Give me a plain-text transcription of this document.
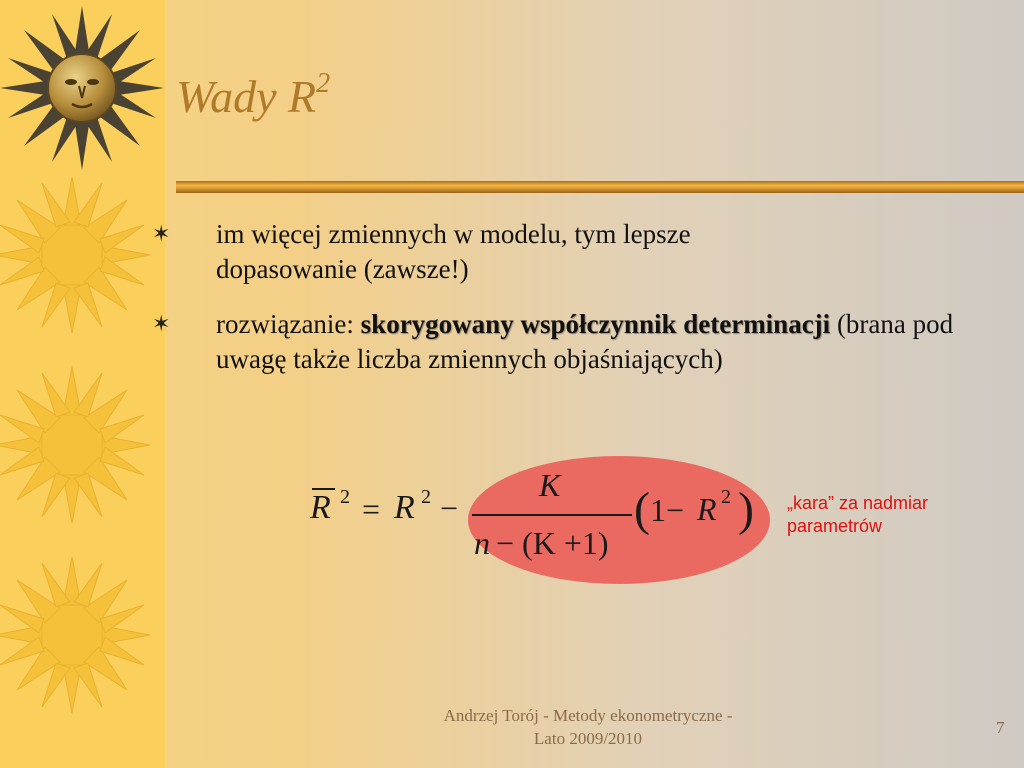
Wady $R^2$
✶ im więcej zmiennych w modelu, tym lepsze dopasowanie (zawsze!)
✶ rozwiązanie: skorygowany współczynnik determinacji (brana pod uwagę także liczba zmiennych objaśniających)
R 2 = R 2 −
K
n − (K +1)
( 1− R 2 ) „kara” za nadmiar parametrów
Andrzej Torój - Metody ekonometryczne - Lato 2009/2010
7
